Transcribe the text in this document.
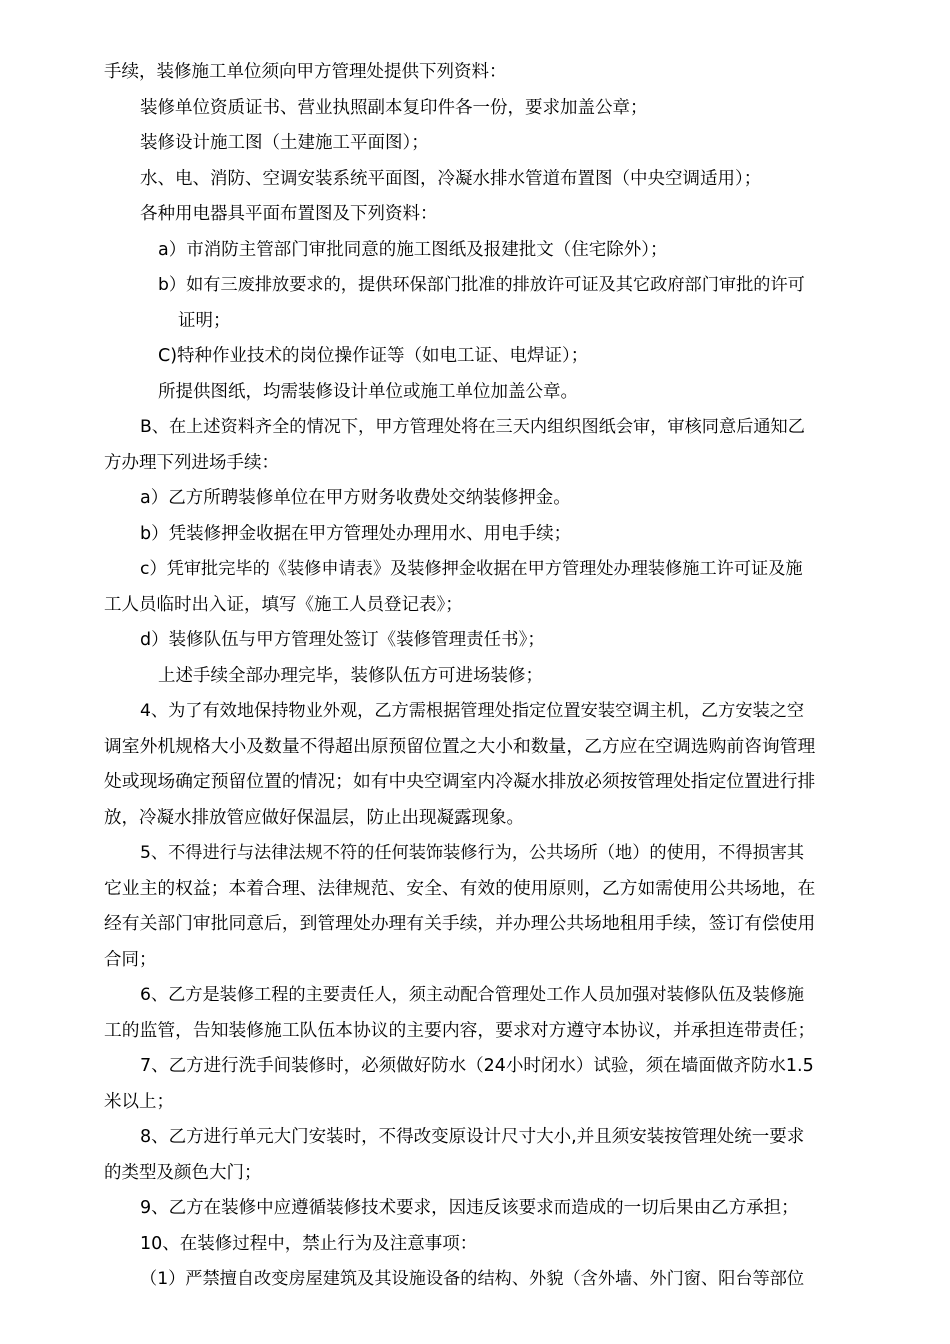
手续，装修施工单位须向甲方管理处提供下列资料：
装修单位资质证书、营业执照副本复印件各一份，要求加盖公章；
装修设计施工图（土建施工平面图）；
水、电、消防、空调安装系统平面图，冷凝水排水管道布置图（中央空调适用）；
各种用电器具平面布置图及下列资料：
a）市消防主管部门审批同意的施工图纸及报建批文（住宅除外）；
b）如有三废排放要求的，提供环保部门批准的排放许可证及其它政府部门审批的许可
证明；
C)特种作业技术的岗位操作证等（如电工证、电焊证）；
所提供图纸，均需装修设计单位或施工单位加盖公章。
B、在上述资料齐全的情况下，甲方管理处将在三天内组织图纸会审，审核同意后通知乙
方办理下列进场手续：
a）乙方所聘装修单位在甲方财务收费处交纳装修押金。
b）凭装修押金收据在甲方管理处办理用水、用电手续；
c）凭审批完毕的《装修申请表》及装修押金收据在甲方管理处办理装修施工许可证及施
工人员临时出入证，填写《施工人员登记表》；
d）装修队伍与甲方管理处签订《装修管理责任书》；
上述手续全部办理完毕，装修队伍方可进场装修；
4、为了有效地保持物业外观，乙方需根据管理处指定位置安装空调主机，乙方安装之空
调室外机规格大小及数量不得超出原预留位置之大小和数量，乙方应在空调选购前咨询管理
处或现场确定预留位置的情况；如有中央空调室内冷凝水排放必须按管理处指定位置进行排
放，冷凝水排放管应做好保温层，防止出现凝露现象。
5、不得进行与法律法规不符的任何装饰装修行为，公共场所（地）的使用，不得损害其
它业主的权益；本着合理、法律规范、安全、有效的使用原则，乙方如需使用公共场地，在
经有关部门审批同意后，到管理处办理有关手续，并办理公共场地租用手续，签订有偿使用
合同；
6、乙方是装修工程的主要责任人，须主动配合管理处工作人员加强对装修队伍及装修施
工的监管，告知装修施工队伍本协议的主要内容，要求对方遵守本协议，并承担连带责任；
7、乙方进行洗手间装修时，必须做好防水（24小时闭水）试验，须在墙面做齐防水1.5
米以上；
8、乙方进行单元大门安装时，不得改变原设计尺寸大小,并且须安装按管理处统一要求
的类型及颜色大门；
9、乙方在装修中应遵循装修技术要求，因违反该要求而造成的一切后果由乙方承担；
10、在装修过程中，禁止行为及注意事项：
（1）严禁擅自改变房屋建筑及其设施设备的结构、外貌（含外墙、外门窗、阳台等部位
